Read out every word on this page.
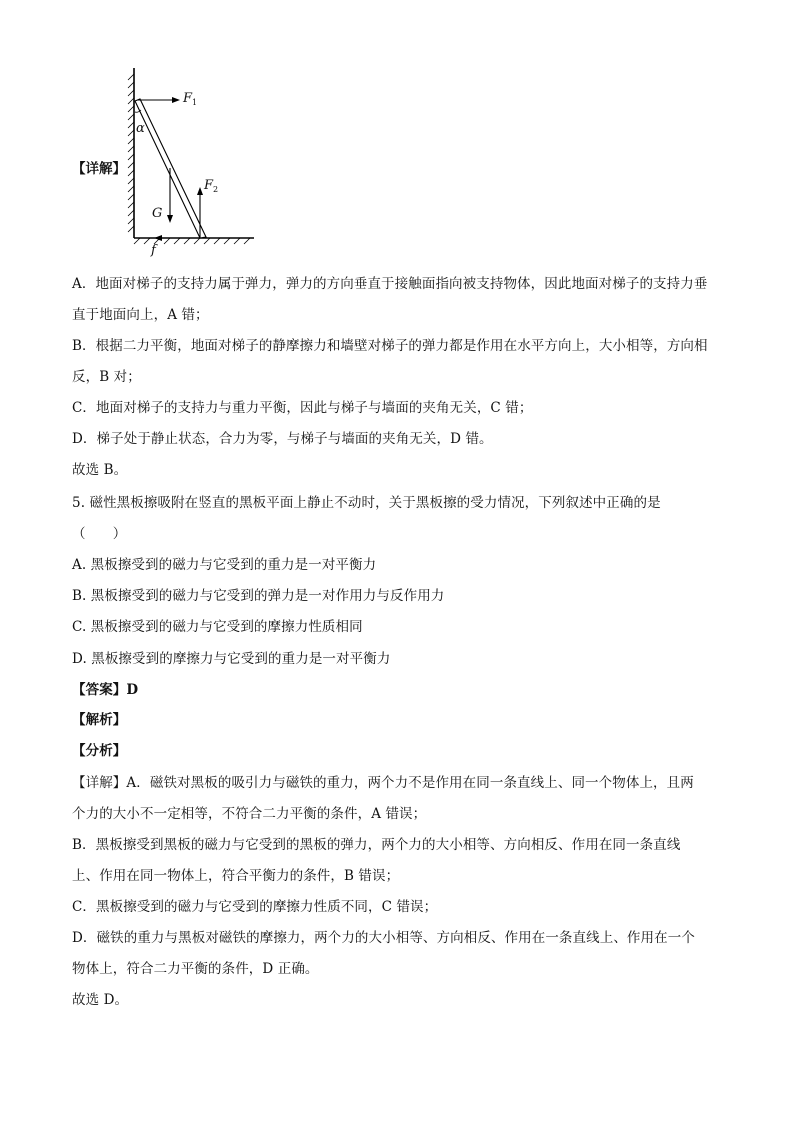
$F_1$
α
$F_2$
G
f
【详解】
A．地面对梯子的支持力属于弹力，弹力的方向垂直于接触面指向被支持物体，因此地面对梯子的支持力垂
直于地面向上，A 错；
B．根据二力平衡，地面对梯子的静摩擦力和墙壁对梯子的弹力都是作用在水平方向上，大小相等，方向相
反，B 对；
C．地面对梯子的支持力与重力平衡，因此与梯子与墙面的夹角无关，C 错；
D．梯子处于静止状态，合力为零，与梯子与墙面的夹角无关，D 错。
故选 B。
5. 磁性黑板擦吸附在竖直的黑板平面上静止不动时，关于黑板擦的受力情况，下列叙述中正确的是
（　　）
A. 黑板擦受到的磁力与它受到的重力是一对平衡力
B. 黑板擦受到的磁力与它受到的弹力是一对作用力与反作用力
C. 黑板擦受到的磁力与它受到的摩擦力性质相同
D. 黑板擦受到的摩擦力与它受到的重力是一对平衡力
【答案】D
【解析】
【分析】
【详解】A．磁铁对黑板的吸引力与磁铁的重力，两个力不是作用在同一条直线上、同一个物体上，且两
个力的大小不一定相等，不符合二力平衡的条件，A 错误；
B．黑板擦受到黑板的磁力与它受到的黑板的弹力，两个力的大小相等、方向相反、作用在同一条直线
上、作用在同一物体上，符合平衡力的条件，B 错误；
C．黑板擦受到的磁力与它受到的摩擦力性质不同，C 错误；
D．磁铁的重力与黑板对磁铁的摩擦力，两个力的大小相等、方向相反、作用在一条直线上、作用在一个
物体上，符合二力平衡的条件，D 正确。
故选 D。
